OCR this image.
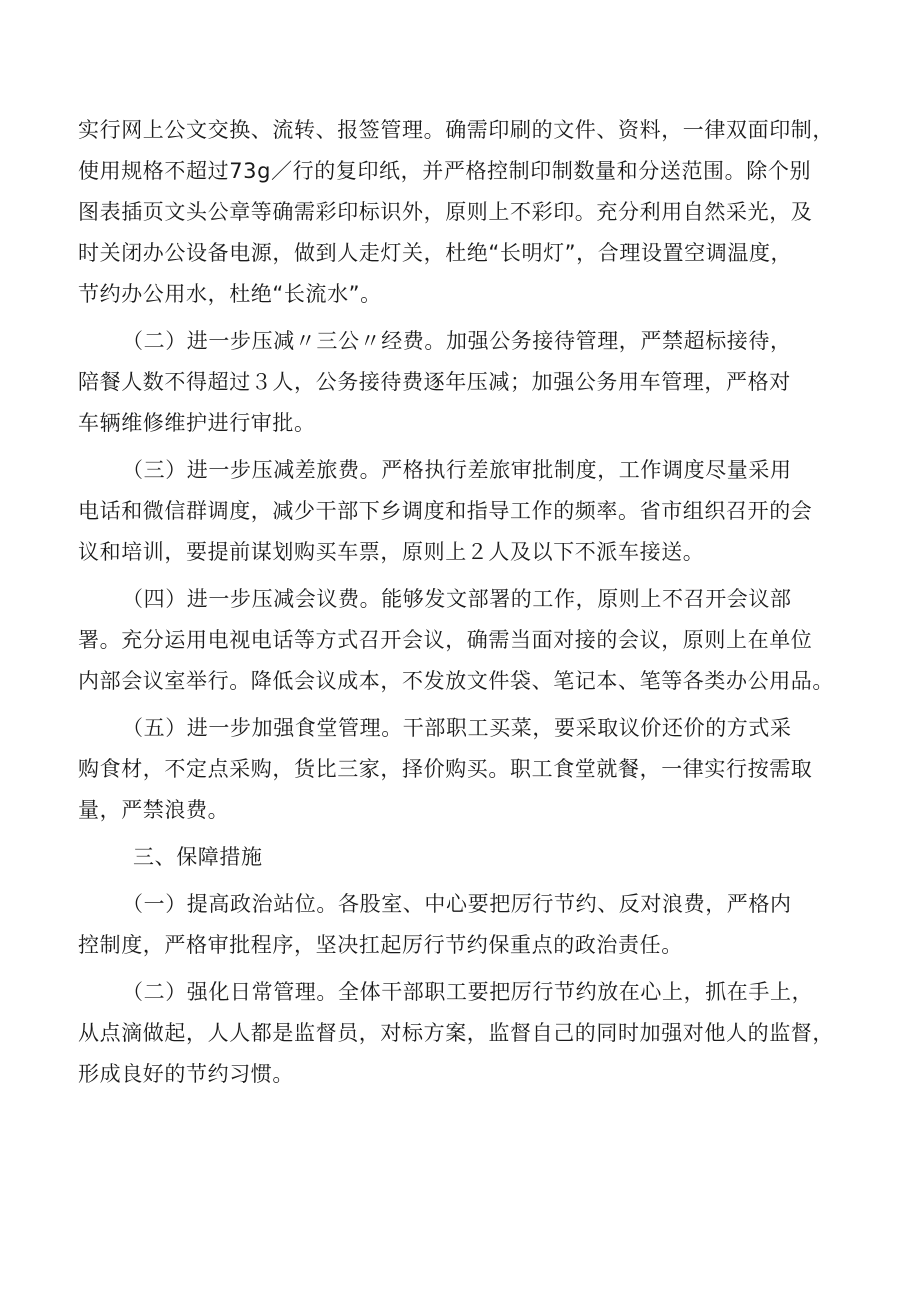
实行网上公文交换、流转、报签管理。确需印刷的文件、资料，一律双面印制，
使用规格不超过73g／行的复印纸，并严格控制印制数量和分送范围。除个别
图表插页文头公章等确需彩印标识外，原则上不彩印。充分利用自然采光，及
时关闭办公设备电源，做到人走灯关，杜绝“长明灯”，合理设置空调温度，
节约办公用水，杜绝“长流水”。
（二）进一步压减〃三公〃经费。加强公务接待管理，严禁超标接待，
陪餐人数不得超过３人，公务接待费逐年压减；加强公务用车管理，严格对
车辆维修维护进行审批。
（三）进一步压减差旅费。严格执行差旅审批制度，工作调度尽量采用
电话和微信群调度，减少干部下乡调度和指导工作的频率。省市组织召开的会
议和培训，要提前谋划购买车票，原则上２人及以下不派车接送。
（四）进一步压减会议费。能够发文部署的工作，原则上不召开会议部
署。充分运用电视电话等方式召开会议，确需当面对接的会议，原则上在单位
内部会议室举行。降低会议成本，不发放文件袋、笔记本、笔等各类办公用品。
（五）进一步加强食堂管理。干部职工买菜，要采取议价还价的方式采
购食材，不定点采购，货比三家，择价购买。职工食堂就餐，一律实行按需取
量，严禁浪费。
三、保障措施
（一）提高政治站位。各股室、中心要把厉行节约、反对浪费，严格内
控制度，严格审批程序，坚决扛起厉行节约保重点的政治责任。
（二）强化日常管理。全体干部职工要把厉行节约放在心上，抓在手上，
从点滴做起，人人都是监督员，对标方案，监督自己的同时加强对他人的监督，
形成良好的节约习惯。
